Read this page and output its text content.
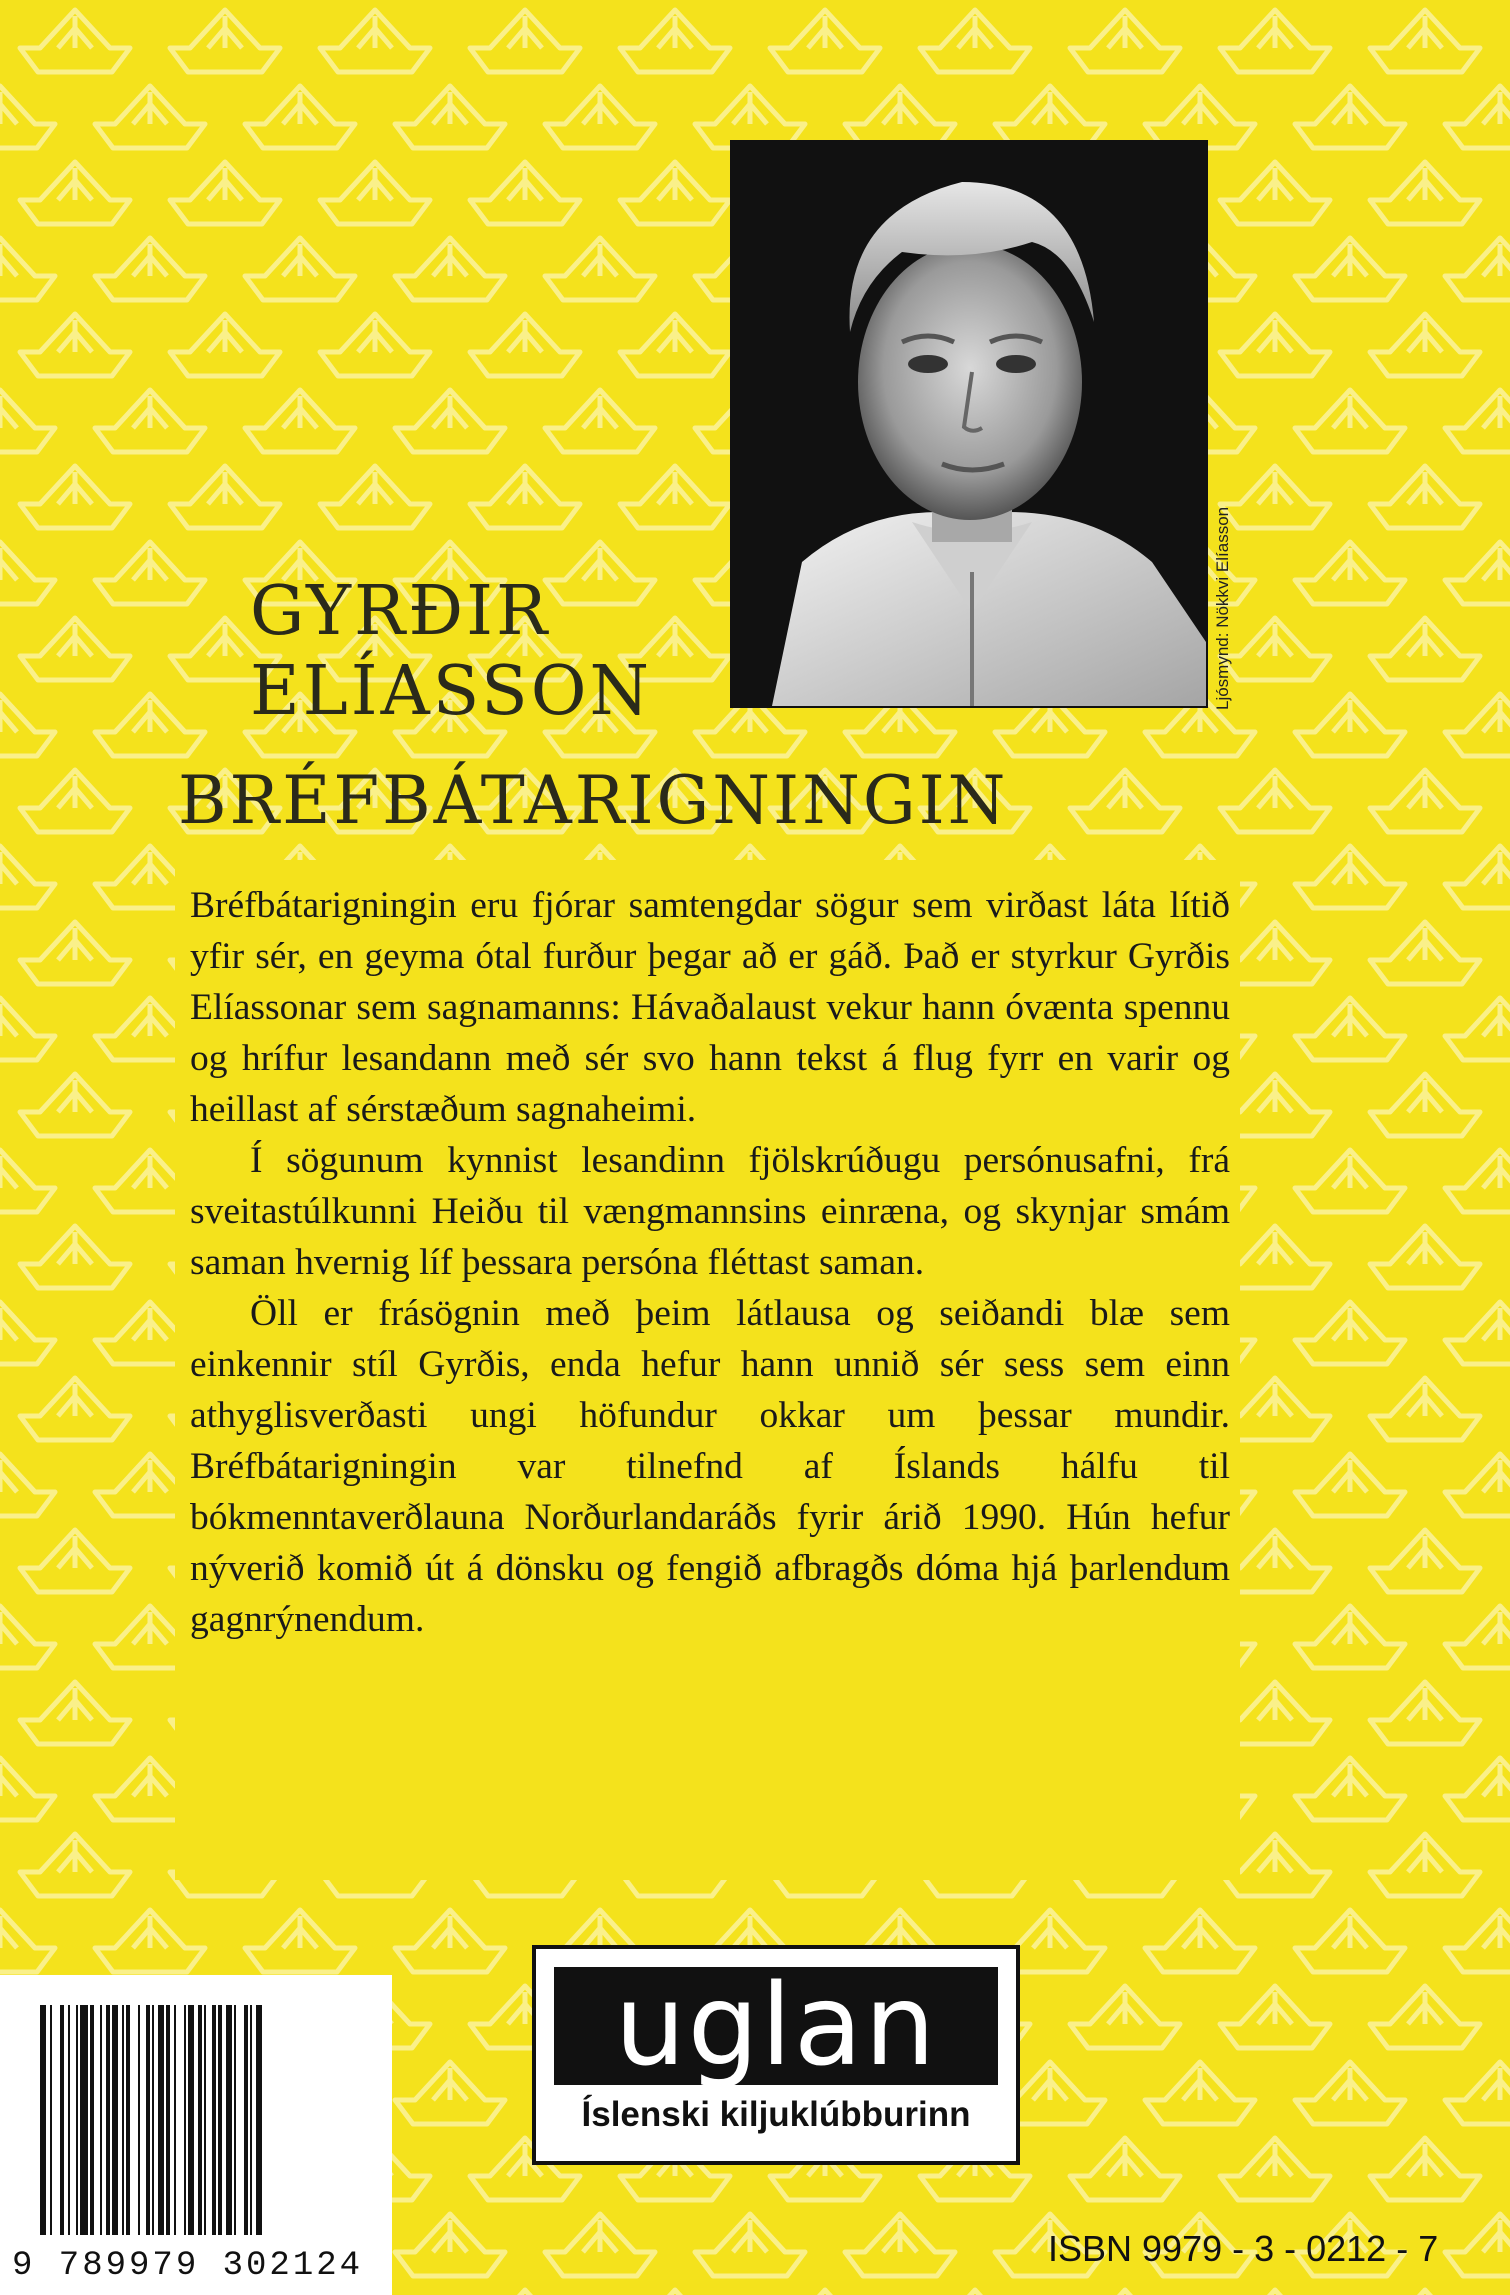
Ljósmynd: Nökkvi Elíasson
GYRÐIR
ELÍASSON
BRÉFBÁTARIGNINGIN

Bréfbátarigningin eru fjórar samtengdar sögur sem virðast láta lítið yfir sér, en geyma ótal furður þegar að er gáð. Það er styrkur Gyrðis Elíassonar sem sagnamanns: Hávaðalaust vekur hann óvænta spennu og hrífur lesandann með sér svo hann tekst á flug fyrr en varir og heillast af sérstæðum sagnaheimi.

Í sögunum kynnist lesandinn fjölskrúðugu persónusafni, frá sveitastúlkunni Heiðu til vængmannsins einræna, og skynjar smám saman hvernig líf þessara persóna fléttast saman.

Öll er frásögnin með þeim látlausa og seiðandi blæ sem einkennir stíl Gyrðis, enda hefur hann unnið sér sess sem einn athyglisverðasti ungi höfundur okkar um þessar mundir. Bréfbátarigningin var tilnefnd af Íslands hálfu til bókmenntaverðlauna Norðurlandaráðs fyrir árið 1990. Hún hefur nýverið komið út á dönsku og fengið afbragðs dóma hjá þarlendum gagnrýnendum.

9 789979 302124
uglan
Íslenski kiljuklúbburinn
ISBN 9979 - 3 - 0212 - 7
